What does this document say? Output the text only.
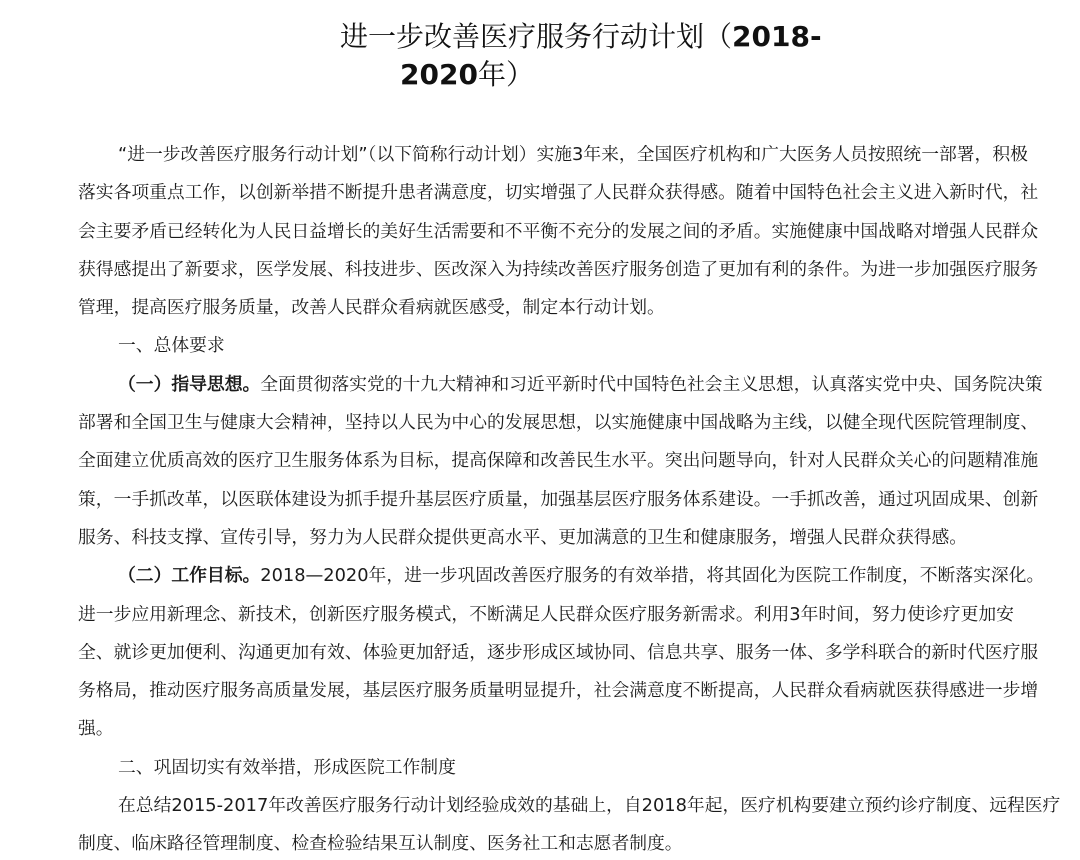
进一步改善医疗服务行动计划（2018-
2020年）
“进一步改善医疗服务行动计划”（以下简称行动计划）实施3年来，全国医疗机构和广大医务人员按照统一部署，积极
落实各项重点工作，以创新举措不断提升患者满意度，切实增强了人民群众获得感。随着中国特色社会主义进入新时代，社
会主要矛盾已经转化为人民日益增长的美好生活需要和不平衡不充分的发展之间的矛盾。实施健康中国战略对增强人民群众
获得感提出了新要求，医学发展、科技进步、医改深入为持续改善医疗服务创造了更加有利的条件。为进一步加强医疗服务
管理，提高医疗服务质量，改善人民群众看病就医感受，制定本行动计划。
一、总体要求
（一）指导思想。全面贯彻落实党的十九大精神和习近平新时代中国特色社会主义思想，认真落实党中央、国务院决策
部署和全国卫生与健康大会精神，坚持以人民为中心的发展思想，以实施健康中国战略为主线，以健全现代医院管理制度、
全面建立优质高效的医疗卫生服务体系为目标，提高保障和改善民生水平。突出问题导向，针对人民群众关心的问题精准施
策，一手抓改革，以医联体建设为抓手提升基层医疗质量，加强基层医疗服务体系建设。一手抓改善，通过巩固成果、创新
服务、科技支撑、宣传引导，努力为人民群众提供更高水平、更加满意的卫生和健康服务，增强人民群众获得感。
（二）工作目标。2018—2020年，进一步巩固改善医疗服务的有效举措，将其固化为医院工作制度，不断落实深化。
进一步应用新理念、新技术，创新医疗服务模式，不断满足人民群众医疗服务新需求。利用3年时间，努力使诊疗更加安
全、就诊更加便利、沟通更加有效、体验更加舒适，逐步形成区域协同、信息共享、服务一体、多学科联合的新时代医疗服
务格局，推动医疗服务高质量发展，基层医疗服务质量明显提升，社会满意度不断提高，人民群众看病就医获得感进一步增
强。
二、巩固切实有效举措，形成医院工作制度
在总结2015-2017年改善医疗服务行动计划经验成效的基础上，自2018年起，医疗机构要建立预约诊疗制度、远程医疗
制度、临床路径管理制度、检查检验结果互认制度、医务社工和志愿者制度。
